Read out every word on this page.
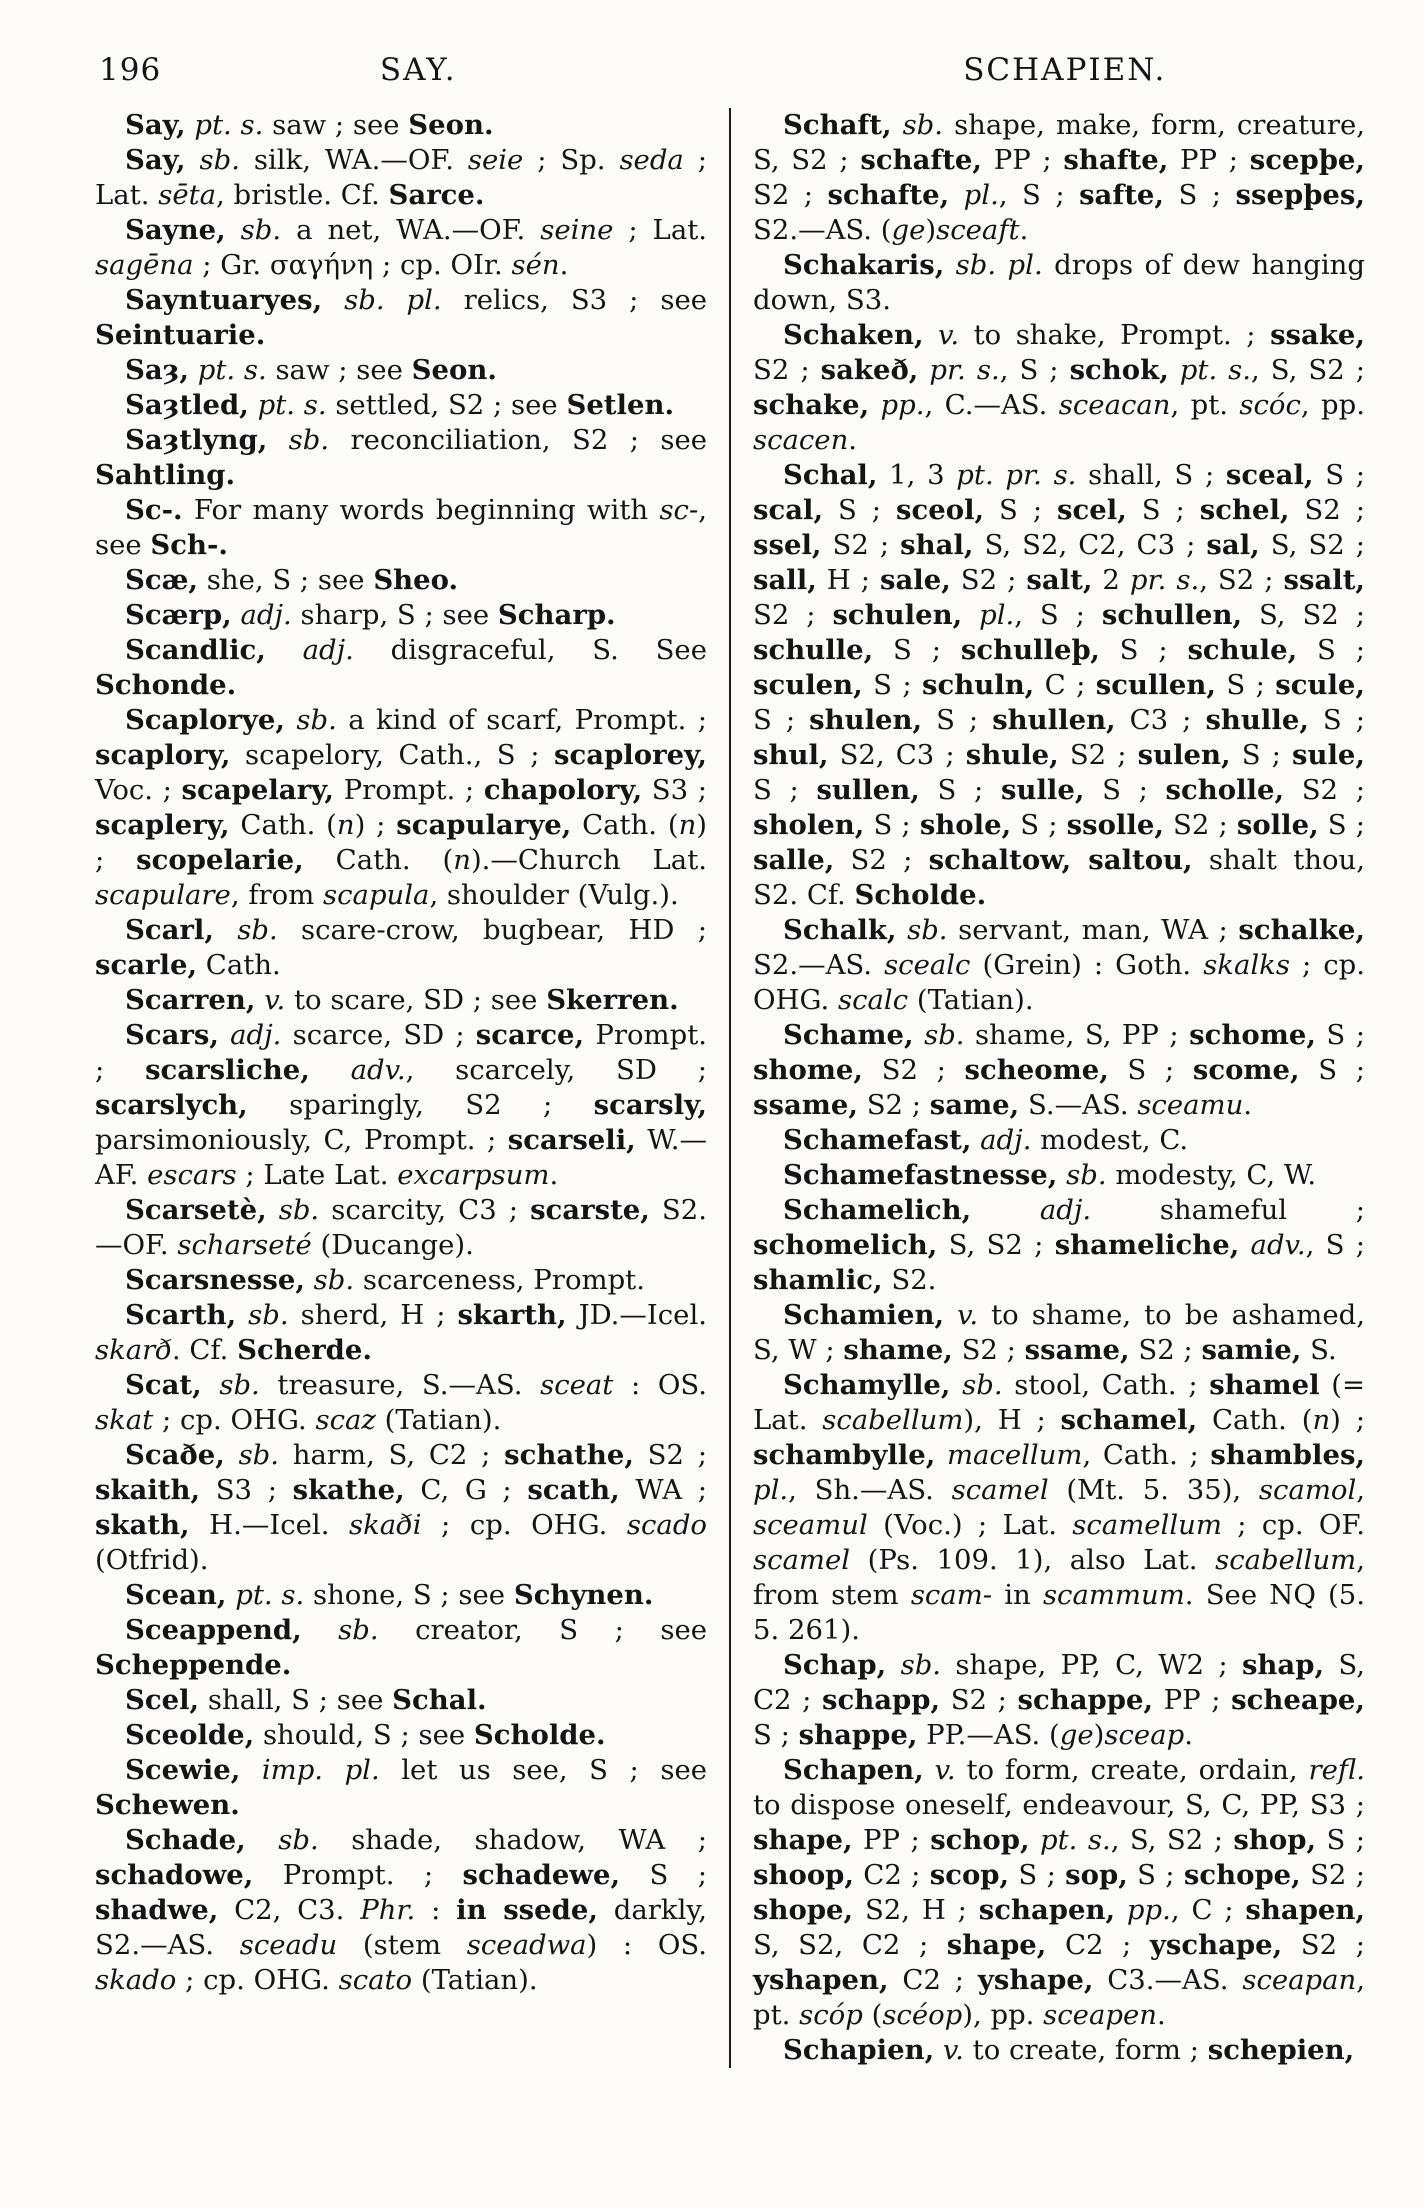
196	SAY.	SCHAPIEN.

Say, pt. s. saw ; see Seon.

Say, sb. silk, WA.—OF. seie ; Sp. seda ; Lat. sēta, bristle. Cf. Sarce.

Sayne, sb. a net, WA.—OF. seine ; Lat. sagēna ; Gr. σαγήνη ; cp. OIr. sén.

Sayntuaryes, sb. pl. relics, S3 ; see Seintuarie.

Saȝ, pt. s. saw ; see Seon.

Saȝtled, pt. s. settled, S2 ; see Setlen.

Saȝtlyng, sb. reconciliation, S2 ; see Sahtling.

Sc-. For many words beginning with sc-, see Sch-.

Scæ, she, S ; see Sheo.

Scærp, adj. sharp, S ; see Scharp.

Scandlic, adj. disgraceful, S. See Schonde.

Scaplorye, sb. a kind of scarf, Prompt. ; scaplory, scapelory, Cath., S ; scaplorey, Voc. ; scapelary, Prompt. ; chapolory, S3 ; scaplery, Cath. (n) ; scapularye, Cath. (n) ; scopelarie, Cath. (n).—Church Lat. scapulare, from scapula, shoulder (Vulg.).

Scarl, sb. scare-crow, bugbear, HD ; scarle, Cath.

Scarren, v. to scare, SD ; see Skerren.

Scars, adj. scarce, SD ; scarce, Prompt. ; scarsliche, adv., scarcely, SD ; scarslych, sparingly, S2 ; scarsly, parsimoniously, C, Prompt. ; scarseli, W.—AF. escars ; Late Lat. excarpsum.

Scarsetè, sb. scarcity, C3 ; scarste, S2.—OF. scharseté (Ducange).

Scarsnesse, sb. scarceness, Prompt.

Scarth, sb. sherd, H ; skarth, JD.—Icel. skarð. Cf. Scherde.

Scat, sb. treasure, S.—AS. sceat : OS. skat ; cp. OHG. scaz (Tatian).

Scaðe, sb. harm, S, C2 ; schathe, S2 ; skaith, S3 ; skathe, C, G ; scath, WA ; skath, H.—Icel. skaði ; cp. OHG. scado (Otfrid).

Scean, pt. s. shone, S ; see Schynen.

Sceappend, sb. creator, S ; see Scheppende.

Scel, shall, S ; see Schal.

Sceolde, should, S ; see Scholde.

Scewie, imp. pl. let us see, S ; see Schewen.

Schade, sb. shade, shadow, WA ; schadowe, Prompt. ; schadewe, S ; shadwe, C2, C3. Phr. : in ssede, darkly, S2.—AS. sceadu (stem sceadwa) : OS. skado ; cp. OHG. scato (Tatian).

Schaft, sb. shape, make, form, creature, S, S2 ; schafte, PP ; shafte, PP ; scepþe, S2 ; schafte, pl., S ; safte, S ; ssepþes, S2.—AS. (ge)sceaft.

Schakaris, sb. pl. drops of dew hanging down, S3.

Schaken, v. to shake, Prompt. ; ssake, S2 ; sakeð, pr. s., S ; schok, pt. s., S, S2 ; schake, pp., C.—AS. sceacan, pt. scóc, pp. scacen.

Schal, 1, 3 pt. pr. s. shall, S ; sceal, S ; scal, S ; sceol, S ; scel, S ; schel, S2 ; ssel, S2 ; shal, S, S2, C2, C3 ; sal, S, S2 ; sall, H ; sale, S2 ; salt, 2 pr. s., S2 ; ssalt, S2 ; schulen, pl., S ; schullen, S, S2 ; schulle, S ; schulleþ, S ; schule, S ; sculen, S ; schuln, C ; scullen, S ; scule, S ; shulen, S ; shullen, C3 ; shulle, S ; shul, S2, C3 ; shule, S2 ; sulen, S ; sule, S ; sullen, S ; sulle, S ; scholle, S2 ; sholen, S ; shole, S ; ssolle, S2 ; solle, S ; salle, S2 ; schaltow, saltou, shalt thou, S2. Cf. Scholde.

Schalk, sb. servant, man, WA ; schalke, S2.—AS. scealc (Grein) : Goth. skalks ; cp. OHG. scalc (Tatian).

Schame, sb. shame, S, PP ; schome, S ; shome, S2 ; scheome, S ; scome, S ; ssame, S2 ; same, S.—AS. sceamu.

Schamefast, adj. modest, C.

Schamefastnesse, sb. modesty, C, W.

Schamelich, adj. shameful ; schomelich, S, S2 ; shameliche, adv., S ; shamlic, S2.

Schamien, v. to shame, to be ashamed, S, W ; shame, S2 ; ssame, S2 ; samie, S.

Schamylle, sb. stool, Cath. ; shamel (= Lat. scabellum), H ; schamel, Cath. (n) ; schambylle, macellum, Cath. ; shambles, pl., Sh.—AS. scamel (Mt. 5. 35), scamol, sceamul (Voc.) ; Lat. scamellum ; cp. OF. scamel (Ps. 109. 1), also Lat. scabellum, from stem scam- in scammum. See NQ (5. 5. 261).

Schap, sb. shape, PP, C, W2 ; shap, S, C2 ; schapp, S2 ; schappe, PP ; scheape, S ; shappe, PP.—AS. (ge)sceap.

Schapen, v. to form, create, ordain, refl. to dispose oneself, endeavour, S, C, PP, S3 ; shape, PP ; schop, pt. s., S, S2 ; shop, S ; shoop, C2 ; scop, S ; sop, S ; schope, S2 ; shope, S2, H ; schapen, pp., C ; shapen, S, S2, C2 ; shape, C2 ; yschape, S2 ; yshapen, C2 ; yshape, C3.—AS. sceapan, pt. scóp (scéop), pp. sceapen.

Schapien, v. to create, form ; schepien,
